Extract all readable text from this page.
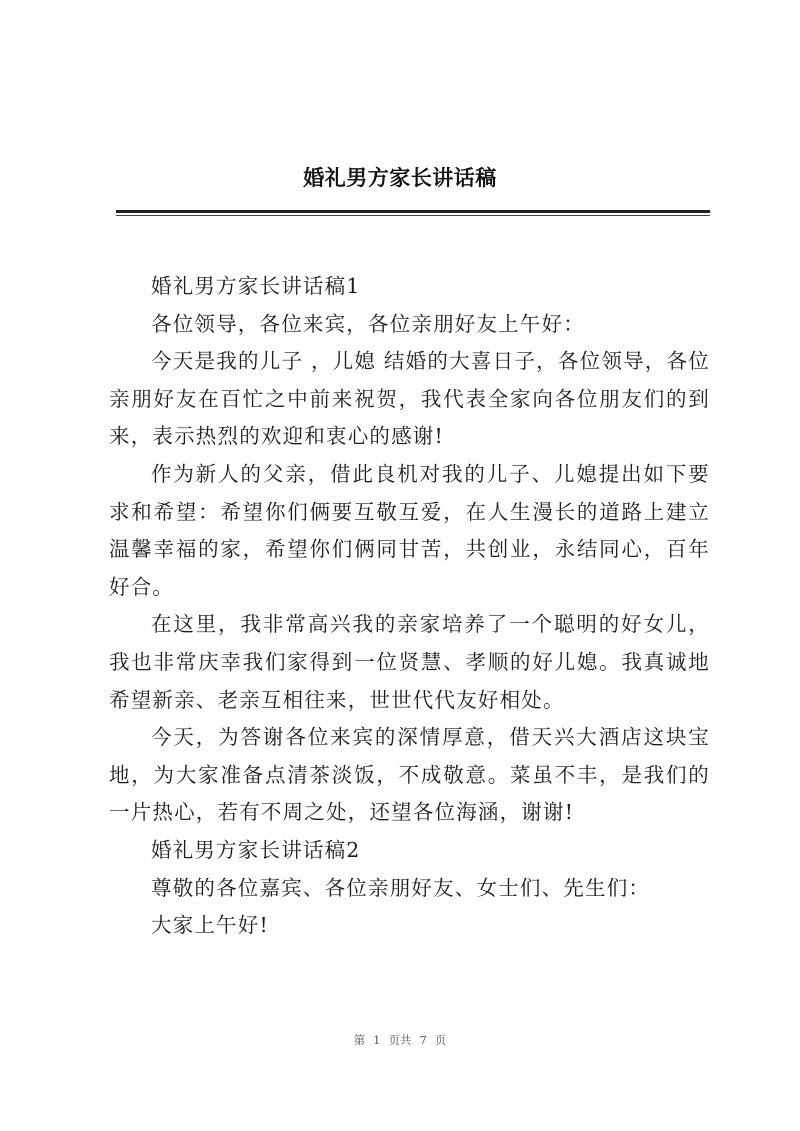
婚礼男方家长讲话稿

婚礼男方家长讲话稿1

各位领导，各位来宾，各位亲朋好友上午好：

今天是我的儿子 ，儿媳 结婚的大喜日子，各位领导，各位亲朋好友在百忙之中前来祝贺，我代表全家向各位朋友们的到来，表示热烈的欢迎和衷心的感谢!

作为新人的父亲，借此良机对我的儿子、儿媳提出如下要求和希望：希望你们俩要互敬互爱，在人生漫长的道路上建立温馨幸福的家，希望你们俩同甘苦，共创业，永结同心，百年好合。

在这里，我非常高兴我的亲家培养了一个聪明的好女儿，我也非常庆幸我们家得到一位贤慧、孝顺的好儿媳。我真诚地希望新亲、老亲互相往来，世世代代友好相处。

今天，为答谢各位来宾的深情厚意，借天兴大酒店这块宝地，为大家准备点清茶淡饭，不成敬意。菜虽不丰，是我们的一片热心，若有不周之处，还望各位海涵，谢谢!

婚礼男方家长讲话稿2

尊敬的各位嘉宾、各位亲朋好友、女士们、先生们：

大家上午好!

第 1 页共 7 页
